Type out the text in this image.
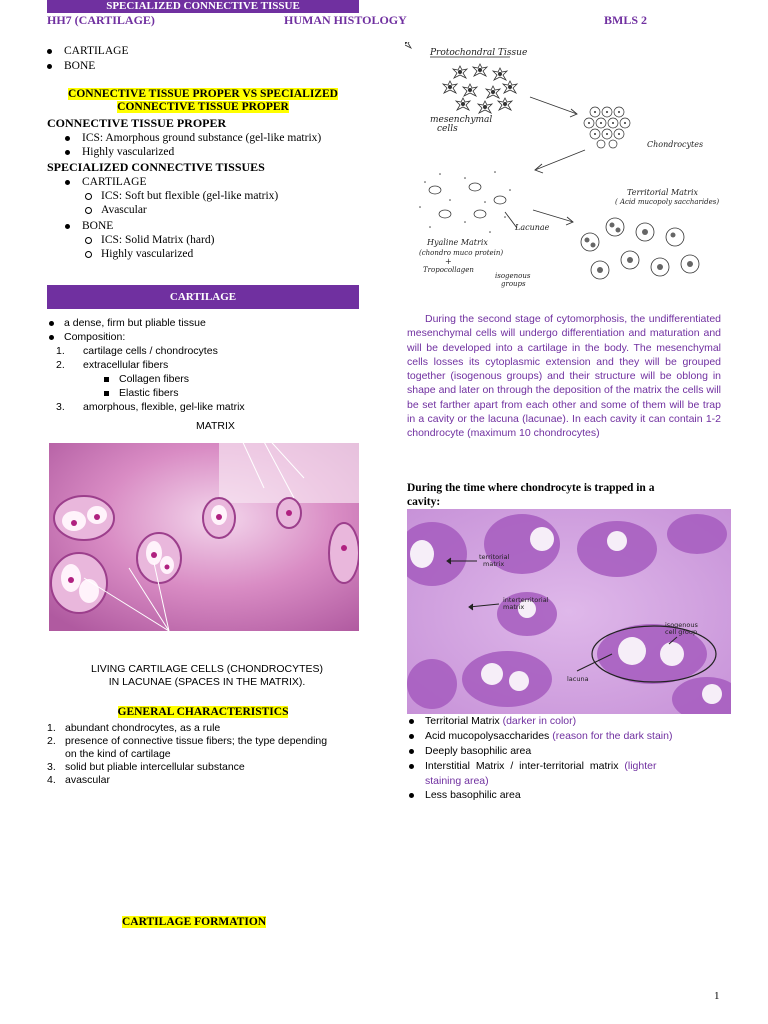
SPECIALIZED CONNECTIVE TISSUE
HH7 (CARTILAGE)	HUMAN HISTOLOGY	BMLS 2
CARTILAGE
BONE
CONNECTIVE TISSUE PROPER VS SPECIALIZED
CONNECTIVE TISSUE PROPER
CONNECTIVE TISSUE PROPER
ICS: Amorphous ground substance (gel-like matrix)
Highly vascularized
SPECIALIZED CONNECTIVE TISSUES
CARTILAGE
ICS: Soft but flexible (gel-like matrix)
Avascular
BONE
ICS: Solid Matrix (hard)
Highly vascularized
CARTILAGE
a dense, firm but pliable tissue
Composition:
1. cartilage cells / chondrocytes
2. extracellular fibers
Collagen fibers
Elastic fibers
3. amorphous, flexible, gel-like matrix
MATRIX
LIVING CARTILAGE CELLS (CHONDROCYTES)
IN LACUNAE (SPACES IN THE MATRIX).
GENERAL CHARACTERISTICS
1. abundant chondrocytes, as a rule
2. presence of connective tissue fibers; the type depending
on the kind of cartilage
3. solid but pliable intercellular substance
4. avascular
CARTILAGE FORMATION
Protochondral Tissue
mesenchymal
cells
Chondrocytes
Territorial Matrix
( Acid mucopoly saccharides)
Lacunae
Hyaline Matrix
(chondro muco protein)
+
Tropocollagen
isogenous
groups
During the second stage of cytomorphosis, the undifferentiated mesenchymal cells will undergo differentiation and maturation and will be developed into a cartilage in the body. The mesenchymal cells losses its cytoplasmic extension and they will be grouped together (isogenous groups) and their structure will be oblong in shape and later on through the deposition of the matrix the cells will be set farther apart from each other and some of them will be trap in a cavity or the lacuna (lacunae). In each cavity it can contain 1-2 chondrocyte (maximum 10 chondrocytes)
During the time where chondrocyte is trapped in a
cavity:
territorial
matrix
interterritorial
matrix
isogenous
cell group
lacuna
Territorial Matrix (darker in color)
Acid mucopolysaccharides (reason for the dark stain)
Deeply basophilic area
Interstitial Matrix / inter-territorial matrix (lighter
staining area)
Less basophilic area
1
